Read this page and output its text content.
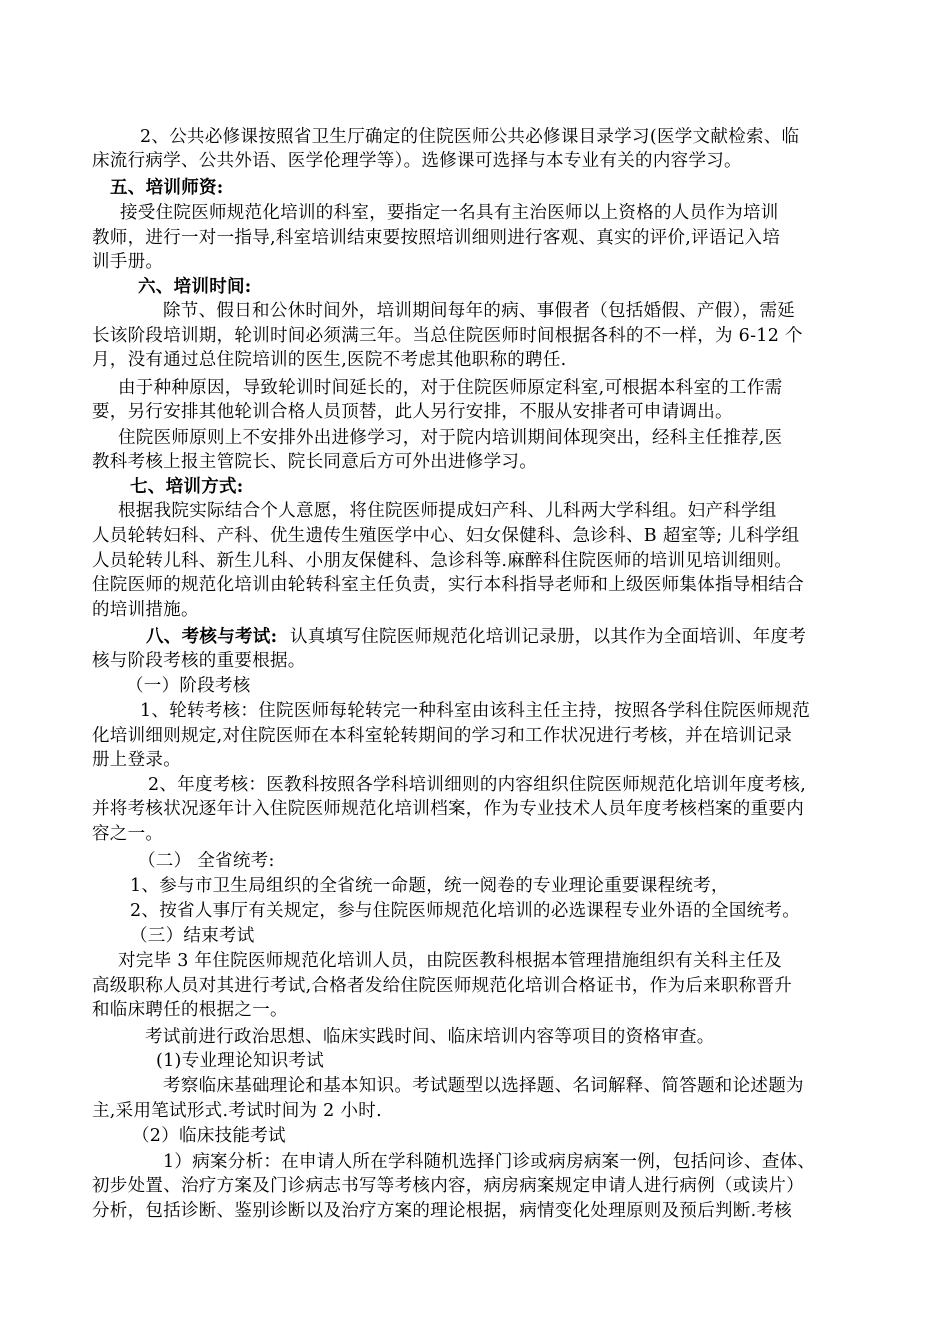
2、公共必修课按照省卫生厅确定的住院医师公共必修课目录学习(医学文献检索、临
床流行病学、公共外语、医学伦理学等）。选修课可选择与本专业有关的内容学习。
五、培训师资:
接受住院医师规范化培训的科室，要指定一名具有主治医师以上资格的人员作为培训
教师，进行一对一指导,科室培训结束要按照培训细则进行客观、真实的评价,评语记入培
训手册。
六、培训时间:
除节、假日和公休时间外，培训期间每年的病、事假者（包括婚假、产假），需延
长该阶段培训期，轮训时间必须满三年。当总住院医师时间根据各科的不一样，为 6-12 个
月，没有通过总住院培训的医生,医院不考虑其他职称的聘任.
由于种种原因，导致轮训时间延长的，对于住院医师原定科室,可根据本科室的工作需
要，另行安排其他轮训合格人员顶替，此人另行安排，不服从安排者可申请调出。
住院医师原则上不安排外出进修学习，对于院内培训期间体现突出，经科主任推荐,医
教科考核上报主管院长、院长同意后方可外出进修学习。
七、培训方式:
根据我院实际结合个人意愿，将住院医师提成妇产科、儿科两大学科组。妇产科学组
人员轮转妇科、产科、优生遗传生殖医学中心、妇女保健科、急诊科、B 超室等; 儿科学组
人员轮转儿科、新生儿科、小朋友保健科、急诊科等.麻醉科住院医师的培训见培训细则。
住院医师的规范化培训由轮转科室主任负责，实行本科指导老师和上级医师集体指导相结合
的培训措施。
八、考核与考试: 认真填写住院医师规范化培训记录册，以其作为全面培训、年度考
核与阶段考核的重要根据。
（一）阶段考核
1、轮转考核：住院医师每轮转完一种科室由该科主任主持，按照各学科住院医师规范
化培训细则规定,对住院医师在本科室轮转期间的学习和工作状况进行考核，并在培训记录
册上登录。
2、年度考核：医教科按照各学科培训细则的内容组织住院医师规范化培训年度考核,
并将考核状况逐年计入住院医师规范化培训档案，作为专业技术人员年度考核档案的重要内
容之一。
（二） 全省统考:
1、参与市卫生局组织的全省统一命题，统一阅卷的专业理论重要课程统考，
2、按省人事厅有关规定，参与住院医师规范化培训的必选课程专业外语的全国统考。
（三）结束考试
对完毕 3 年住院医师规范化培训人员，由院医教科根据本管理措施组织有关科主任及
高级职称人员对其进行考试,合格者发给住院医师规范化培训合格证书，作为后来职称晋升
和临床聘任的根据之一。
考试前进行政治思想、临床实践时间、临床培训内容等项目的资格审查。
(1)专业理论知识考试
考察临床基础理论和基本知识。考试题型以选择题、名词解释、简答题和论述题为
主,采用笔试形式.考试时间为 2 小时.
（2）临床技能考试
1）病案分析：在申请人所在学科随机选择门诊或病房病案一例，包括问诊、查体、
初步处置、治疗方案及门诊病志书写等考核内容，病房病案规定申请人进行病例（或读片）
分析，包括诊断、鉴别诊断以及治疗方案的理论根据，病情变化处理原则及预后判断.考核
